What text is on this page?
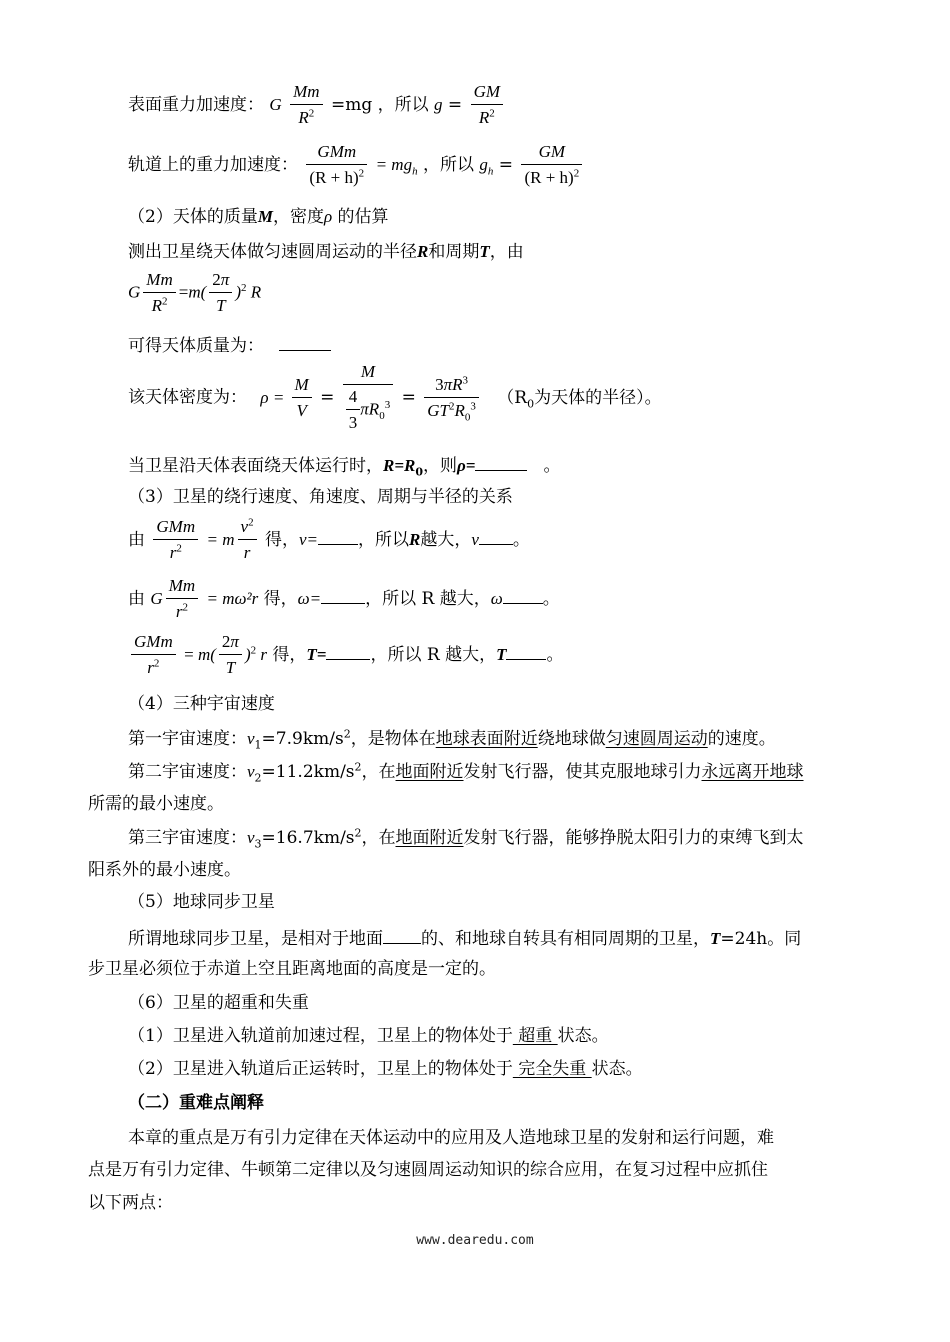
表面重力加速度： G $\frac{Mm}{R^2} =mg$ ，所以 $g = \frac{GM}{R^2}$
轨道上的重力加速度： $\frac{\text{GMm}}{(R + h)^2} = mg_h$ ，所以 $g_h = \frac{GM}{(R + h)^2}$
（2）天体的质量M，密度ρ 的估算
测出卫星绕天体做匀速圆周运动的半径R和周期T，由
G $\frac{Mm}{R^2} =m( \frac{2\pi}{T} )^2$ R
可得天体质量为：
该天体密度为： $\rho = \frac{M}{V} = \frac{M}{\frac{4}{3} \pi R_0^3} = \frac{3\pi R^3}{GT^2R_0^3} (R_0$为天体的半径）。
当卫星沿天体表面绕天体运行时，$R=R_0$，则ρ=	。
（3）卫星的绕行速度、角速度、周期与半径的关系
由 $\frac{\text{GMm}}{r^2} = m \frac{v^2}{r}$ 得，v= ，所以R越大，v 。
由 G $\frac{Mm}{r^2} = m\omega^2r$ 得，ω=	，所以 R 越大，ω 。
$\frac{\text{GMm}}{r^2} = m( \frac{2\pi}{T} )^2$ r 得，T=	，所以 R 越大，T 。
（4）三种宇宙速度
第一宇宙速度：$v_1=7.9km/s^2$，是物体在地球表面附近绕地球做匀速圆周运动的速度。
第二宇宙速度：$v_2=11.2km/s^2$，在地面附近发射飞行器，使其克服地球引力永远离开地球
所需的最小速度。
第三宇宙速度：$v_3=16.7km/s^2$，在地面附近发射飞行器，能够挣脱太阳引力的束缚飞到太
阳系外的最小速度。
（5）地球同步卫星
所谓地球同步卫星，是相对于地面 的、和地球自转具有相同周期的卫星，T=24h。同
步卫星必须位于赤道上空且距离地面的高度是一定的。
（6）卫星的超重和失重
（1）卫星进入轨道前加速过程，卫星上的物体处于 超重 状态。
（2）卫星进入轨道后正运转时，卫星上的物体处于 完全失重 状态。
（二）重难点阐释
本章的重点是万有引力定律在天体运动中的应用及人造地球卫星的发射和运行问题，难
点是万有引力定律、牛顿第二定律以及匀速圆周运动知识的综合应用，在复习过程中应抓住
以下两点：
www.dearedu.com
